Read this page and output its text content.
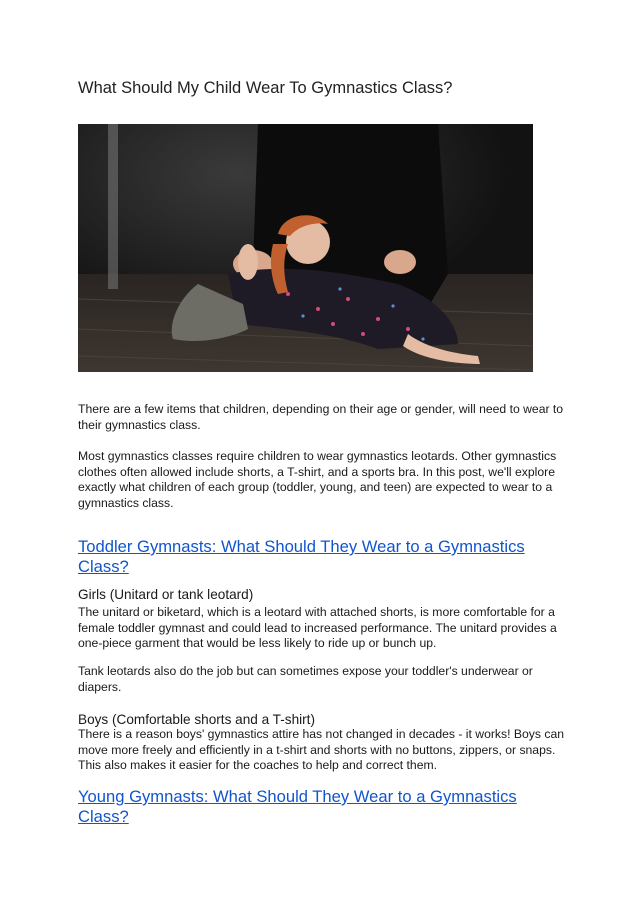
What Should My Child Wear To Gymnastics Class?

There are a few items that children, depending on their age or gender, will need to wear to their gymnastics class.

Most gymnastics classes require children to wear gymnastics leotards. Other gymnastics clothes often allowed include shorts, a T-shirt, and a sports bra. In this post, we'll explore exactly what children of each group (toddler, young, and teen) are expected to wear to a gymnastics class.

Toddler Gymnasts: What Should They Wear to a Gymnastics Class?
Girls (Unitard or tank leotard)

The unitard or biketard, which is a leotard with attached shorts, is more comfortable for a female toddler gymnast and could lead to increased performance. The unitard provides a one-piece garment that would be less likely to ride up or bunch up.

Tank leotards also do the job but can sometimes expose your toddler's underwear or diapers.

Boys (Comfortable shorts and a T-shirt)

There is a reason boys' gymnastics attire has not changed in decades - it works! Boys can move more freely and efficiently in a t-shirt and shorts with no buttons, zippers, or snaps. This also makes it easier for the coaches to help and correct them.

Young Gymnasts: What Should They Wear to a Gymnastics Class?
